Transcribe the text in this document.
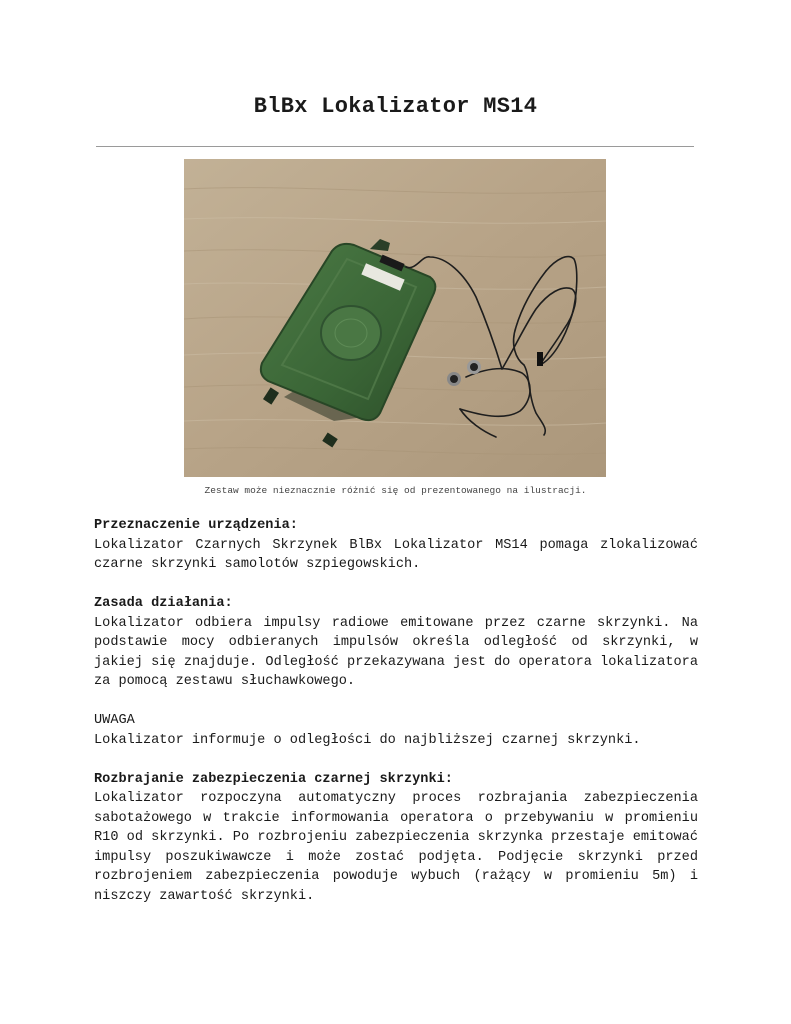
BlBx Lokalizator MS14
Zestaw może nieznacznie różnić się od prezentowanego na ilustracji.
Przeznaczenie urządzenia:
Lokalizator Czarnych Skrzynek BlBx Lokalizator MS14 pomaga zlokalizować czarne skrzynki samolotów szpiegowskich.
Zasada działania:
Lokalizator odbiera impulsy radiowe emitowane przez czarne skrzynki. Na podstawie mocy odbieranych impulsów określa odległość od skrzynki, w jakiej się znajduje. Odległość przekazywana jest do operatora lokalizatora za pomocą zestawu słuchawkowego.
UWAGA
Lokalizator informuje o odległości do najbliższej czarnej skrzynki.
Rozbrajanie zabezpieczenia czarnej skrzynki:
Lokalizator rozpoczyna automatyczny proces rozbrajania zabezpieczenia sabotażowego w trakcie informowania operatora o przebywaniu w promieniu R10 od skrzynki. Po rozbrojeniu zabezpieczenia skrzynka przestaje emitować impulsy poszukiwawcze i może zostać podjęta. Podjęcie skrzynki przed rozbrojeniem zabezpieczenia powoduje wybuch (rażący w promieniu 5m) i niszczy zawartość skrzynki.
